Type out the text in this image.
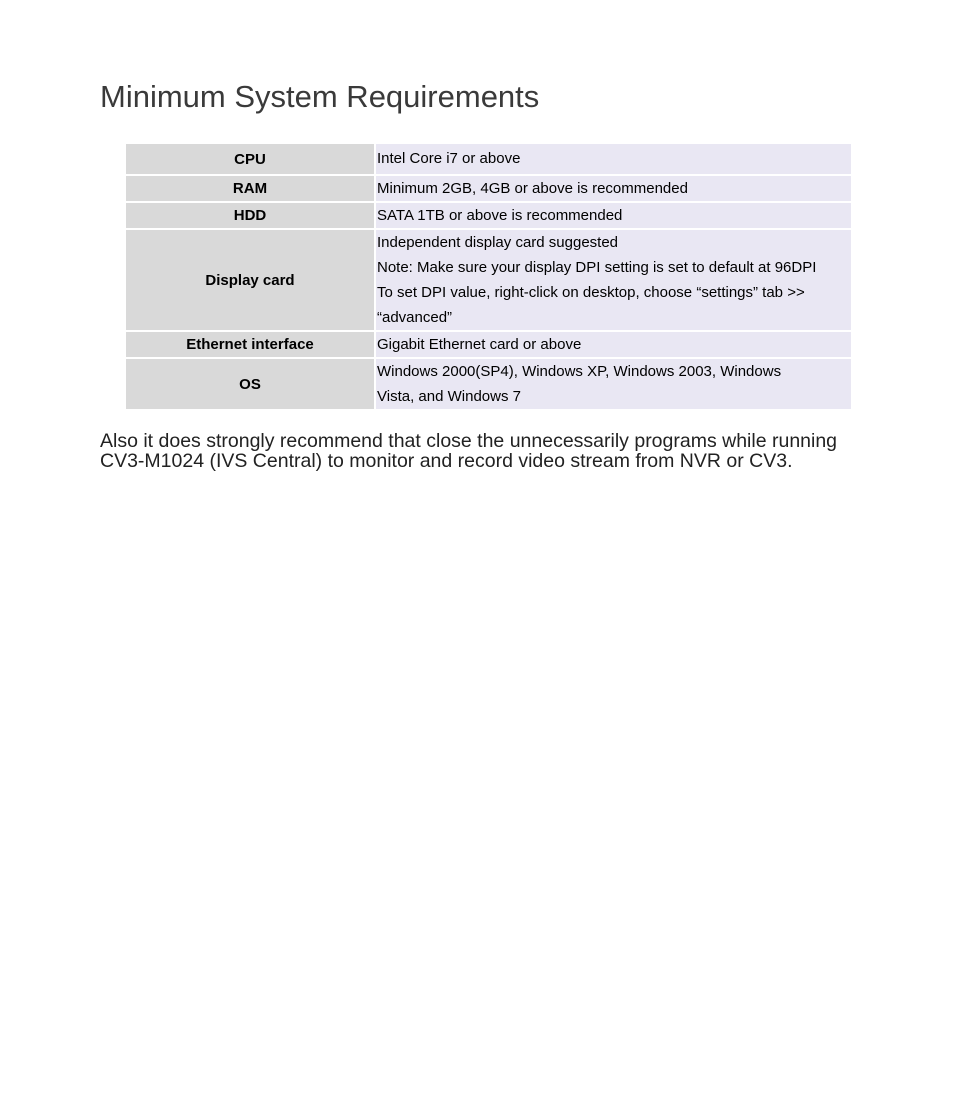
Minimum System Requirements
CPU	Intel Core i7 or above

RAM	Minimum 2GB, 4GB or above is recommended

HDD	SATA 1TB or above is recommended

Display card	Independent display card suggested
Note: Make sure your display DPI setting is set to default at 96DPI
To set DPI value, right-click on desktop, choose “settings” tab >>
“advanced”

Ethernet interface	Gigabit Ethernet card or above

OS	Windows 2000(SP4), Windows XP, Windows 2003, Windows
Vista, and Windows 7

Also it does strongly recommend that close the unnecessarily programs while running CV3-M1024 (IVS Central) to monitor and record video stream from NVR or CV3.
